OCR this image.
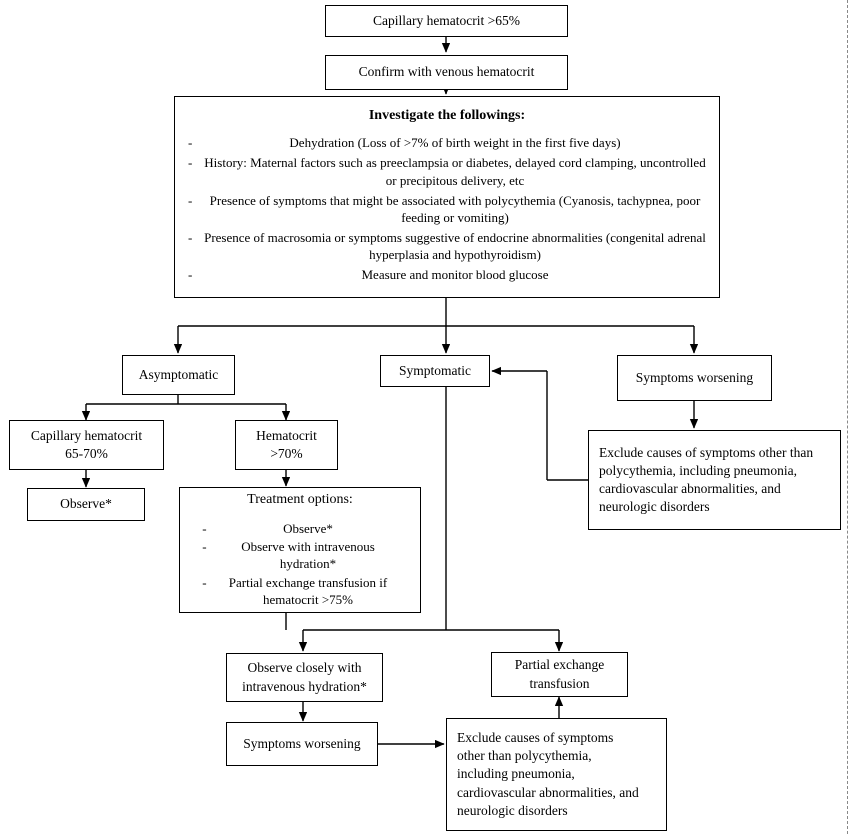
Capillary hematocrit >65%
Confirm with venous hematocrit
Investigate the followings:
- Dehydration (Loss of >7% of birth weight in the first five days)
- History: Maternal factors such as preeclampsia or diabetes, delayed cord clamping, uncontrolled or precipitous delivery, etc
- Presence of symptoms that might be associated with polycythemia (Cyanosis, tachypnea, poor feeding or vomiting)
- Presence of macrosomia or symptoms suggestive of endocrine abnormalities (congenital adrenal hyperplasia and hypothyroidism)
- Measure and monitor blood glucose
Asymptomatic	Symptomatic	Symptoms worsening
Capillary hematocrit
65-70%
Hematocrit
>70%
Observe*	Treatment options:
- Observe*
- Observe with intravenous hydration*
- Partial exchange transfusion if hematocrit >75%
Exclude causes of symptoms other than
polycythemia, including pneumonia,
cardiovascular abnormalities, and
neurologic disorders
Observe closely with
intravenous hydration*
Partial exchange
transfusion
Symptoms worsening	Exclude causes of symptoms
other than polycythemia,
including pneumonia,
cardiovascular abnormalities, and
neurologic disorders
